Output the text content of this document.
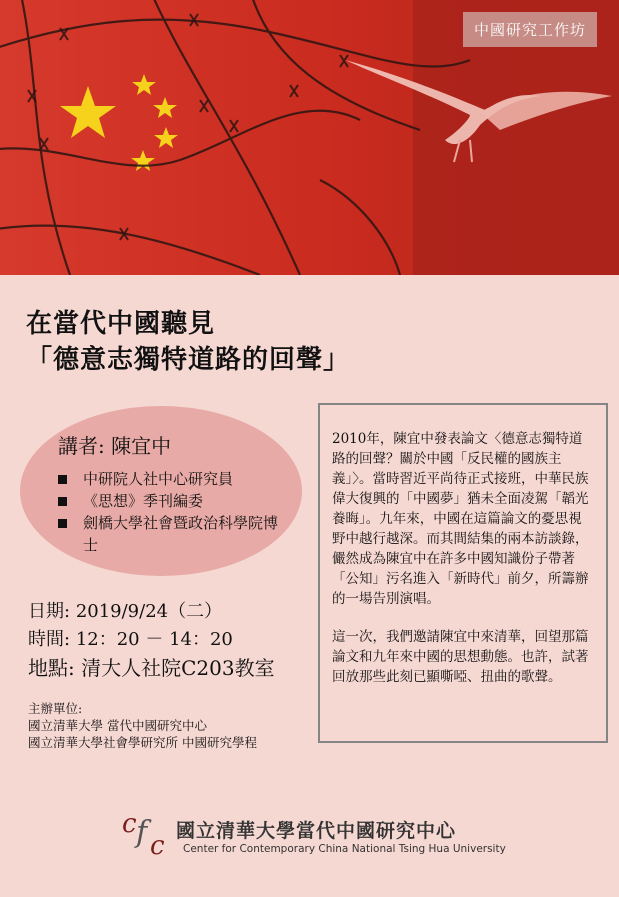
中國研究工作坊
在當代中國聽見
「德意志獨特道路的回聲」
講者: 陳宜中
中研院人社中心研究員
《思想》季刊編委
劍橋大學社會暨政治科學院博士
日期: 2019/9/24（二）
時間: 12：20 － 14：20
地點: 清大人社院C203教室
主辦單位:
國立清華大學 當代中國研究中心
國立清華大學社會學研究所 中國研究學程

2010年，陳宜中發表論文〈德意志獨特道路的回聲？關於中國「反民權的國族主義」〉。當時習近平尚待正式接班，中華民族偉大復興的「中國夢」猶未全面凌駕「韜光養晦」。九年來，中國在這篇論文的憂思視野中越行越深。而其間結集的兩本訪談錄，儼然成為陳宜中在許多中國知識份子帶著「公知」污名進入「新時代」前夕，所籌辦的一場告別演唱。

這一次，我們邀請陳宜中來清華，回望那篇論文和九年來中國的思想動態。也許，試著回放那些此刻已顯嘶啞、扭曲的歌聲。

c f c 國立清華大學當代中國研究中心
Center for Contemporary China National Tsing Hua University
